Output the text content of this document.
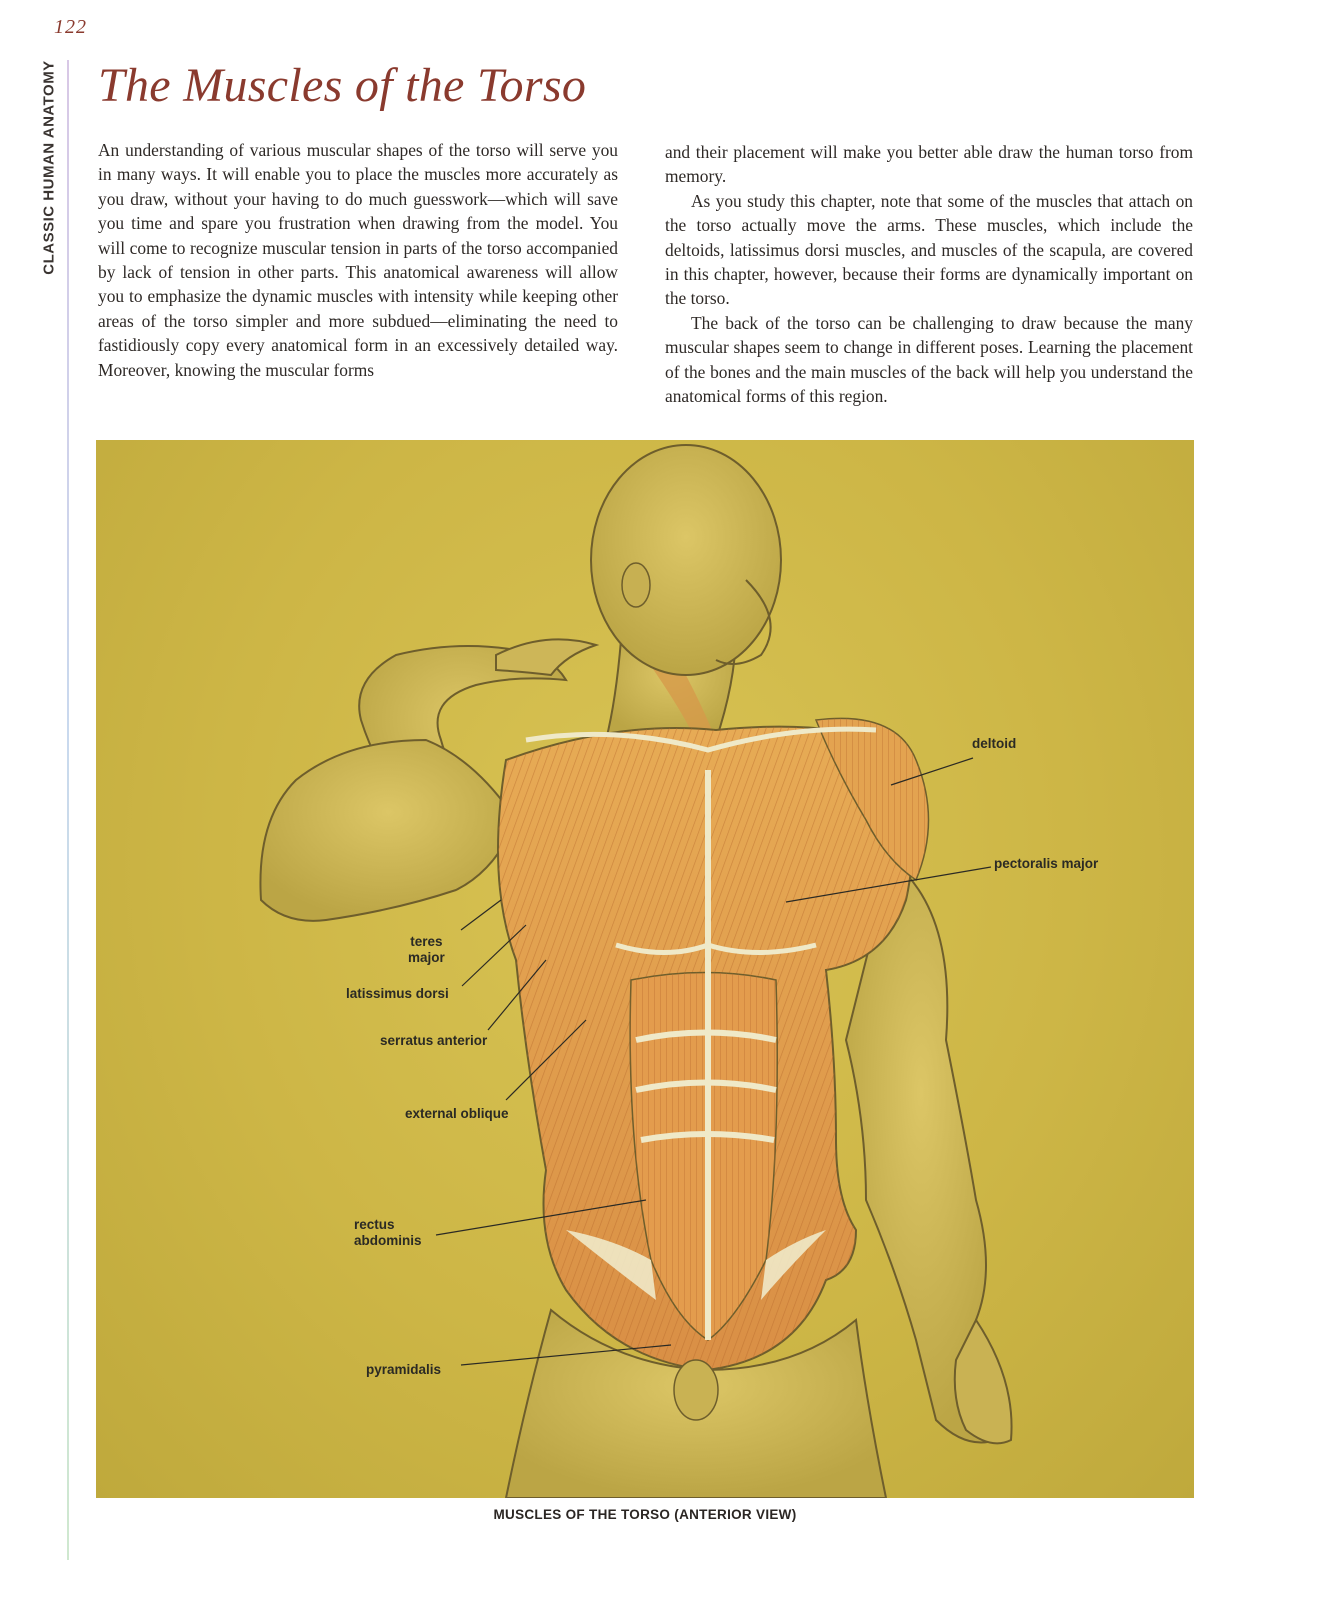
122
CLASSIC HUMAN ANATOMY The Muscles of the Torso

An understanding of various muscular shapes of the torso will serve you in many ways. It will enable you to place the muscles more accurately as you draw, without your having to do much guesswork—which will save you time and spare you frustration when drawing from the model. You will come to recognize muscular tension in parts of the torso accompanied by lack of tension in other parts. This anatomical awareness will allow you to emphasize the dynamic muscles with intensity while keeping other areas of the torso simpler and more subdued—eliminating the need to fastidiously copy every anatomical form in an excessively detailed way. Moreover, knowing the muscular forms

and their placement will make you better able draw the human torso from memory.

As you study this chapter, note that some of the muscles that attach on the torso actually move the arms. These muscles, which include the deltoids, latissimus dorsi muscles, and muscles of the scapula, are covered in this chapter, however, because their forms are dynamically important on the torso.

The back of the torso can be challenging to draw because the many muscular shapes seem to change in different poses. Learning the placement of the bones and the main muscles of the back will help you understand the anatomical forms of this region.

deltoid
pectoralis major
teres
major
latissimus dorsi
serratus anterior
external oblique
rectus
abdominis
pyramidalis
MUSCLES OF THE TORSO (ANTERIOR VIEW)
